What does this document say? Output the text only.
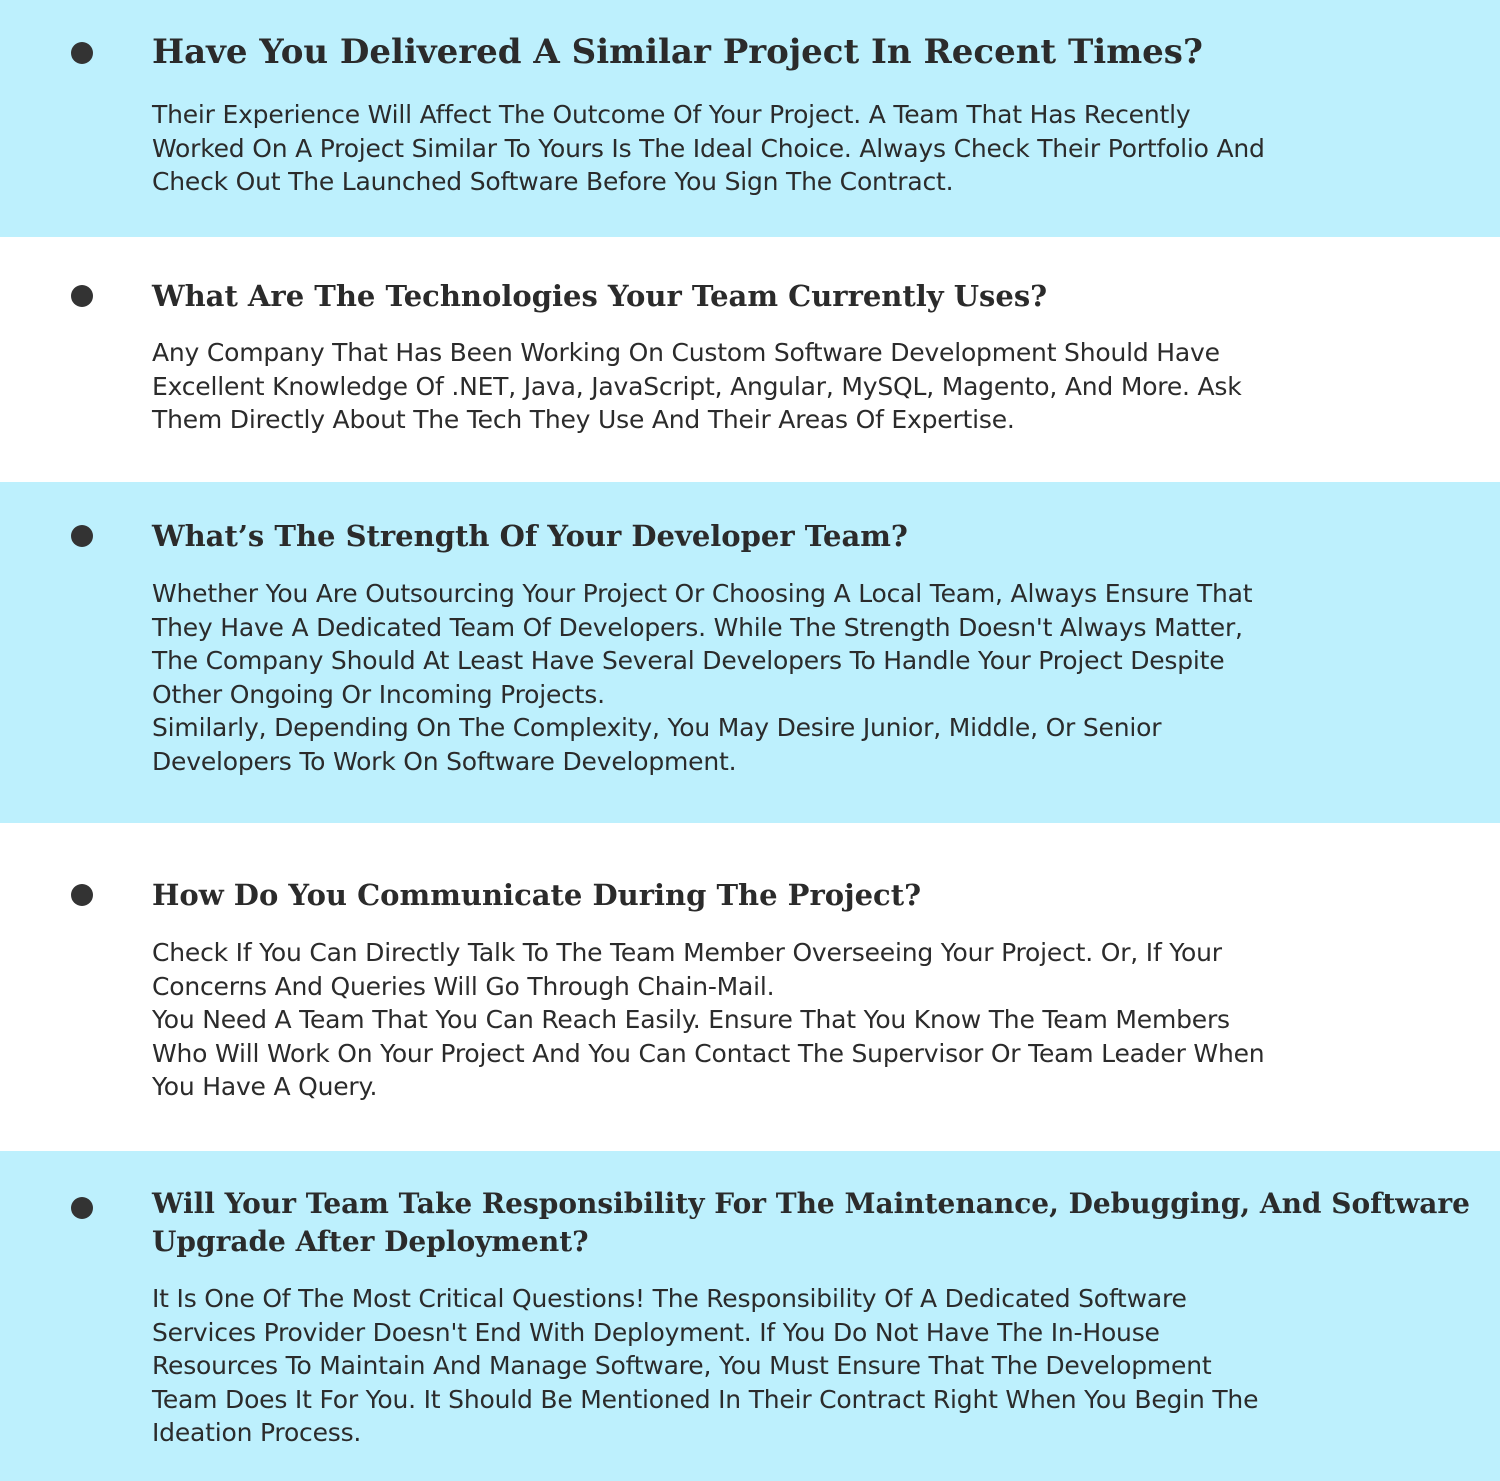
Have You Delivered A Similar Project In Recent Times?

Their Experience Will Affect The Outcome Of Your Project. A Team That Has Recently
Worked On A Project Similar To Yours Is The Ideal Choice. Always Check Their Portfolio And
Check Out The Launched Software Before You Sign The Contract.

What Are The Technologies Your Team Currently Uses?

Any Company That Has Been Working On Custom Software Development Should Have
Excellent Knowledge Of .NET, Java, JavaScript, Angular, MySQL, Magento, And More. Ask
Them Directly About The Tech They Use And Their Areas Of Expertise.

What’s The Strength Of Your Developer Team?

Whether You Are Outsourcing Your Project Or Choosing A Local Team, Always Ensure That
They Have A Dedicated Team Of Developers. While The Strength Doesn't Always Matter,
The Company Should At Least Have Several Developers To Handle Your Project Despite
Other Ongoing Or Incoming Projects.
Similarly, Depending On The Complexity, You May Desire Junior, Middle, Or Senior
Developers To Work On Software Development.

How Do You Communicate During The Project?

Check If You Can Directly Talk To The Team Member Overseeing Your Project. Or, If Your
Concerns And Queries Will Go Through Chain-Mail.
You Need A Team That You Can Reach Easily. Ensure That You Know The Team Members
Who Will Work On Your Project And You Can Contact The Supervisor Or Team Leader When
You Have A Query.

Will Your Team Take Responsibility For The Maintenance, Debugging, And Software
Upgrade After Deployment?

It Is One Of The Most Critical Questions! The Responsibility Of A Dedicated Software
Services Provider Doesn't End With Deployment. If You Do Not Have The In-House
Resources To Maintain And Manage Software, You Must Ensure That The Development
Team Does It For You. It Should Be Mentioned In Their Contract Right When You Begin The
Ideation Process.
